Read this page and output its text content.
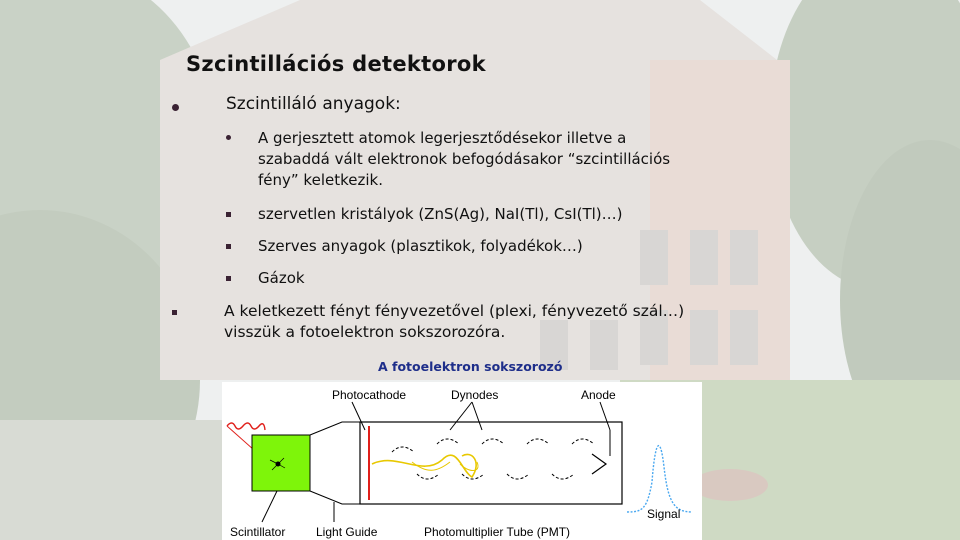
Szcintillációs detektorok
Szcintilláló anyagok:
A gerjesztett atomok legerjesztődésekor illetve a
szabaddá vált elektronok befogódásakor “szcintillációs
fény” keletkezik.
szervetlen kristályok (ZnS(Ag), NaI(Tl), CsI(Tl)…)
Szerves anyagok (plasztikok, folyadékok…)
Gázok
A keletkezett fényt fényvezetővel (plexi, fényvezető szál…)
visszük a fotoelektron sokszorozóra.
A fotoelektron sokszorozó
Photocathode	Dynodes	Anode
Scintillator	Light Guide	Photomultiplier Tube (PMT)
Signal
